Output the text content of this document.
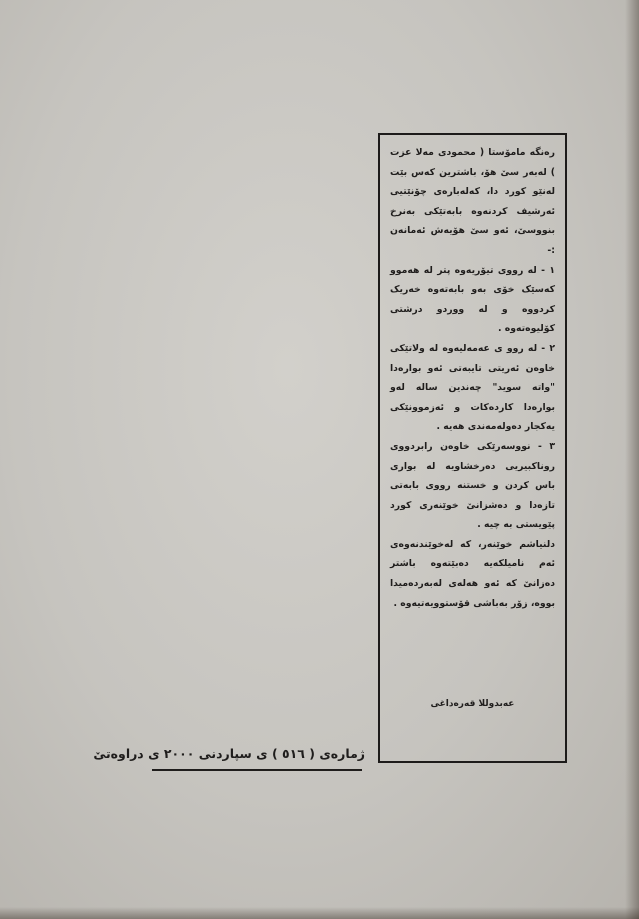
رەنگە مامۆستا ( محمودی مەلا عزت ) لەبەر سێ هۆ، باشترین کەس بێت لەنێو کورد دا، کەلەبارەی چۆنێتیی ئەرشیف کردنەوە بابەتێکی بەنرخ بنووسێ، ئەو سێ هۆیەش ئەمانەن :-
١ - لە رووی تیۆریەوە پتر لە هەموو کەسێک خۆی بەو بابەتەوە خەریک کردووە و لە ووردو درشتی کۆلیوەتەوە .
٢ - لە روو ی عەمەلیەوە لە ولاتێکی خاوەن ئەریتی تایبەتی ئەو بوارەدا "واتە سوید" چەندین سالە لەو بوارەدا کاردەکات و ئەزموونێکی یەکجار دەولەمەندی هەیە .
٣ - نووسەرێکی خاوەن رابردووی روناکبیریی دەرخشاویە لە بواری باس کردن و خستنە رووی بابەتی تازەدا و دەشزانێ خوێنەری کورد پێویستی بە چیە .
دلنیاشم خوێنەر، کە لەخوێندنەوەی ئەم نامیلکەیە دەبێتەوە باشتر دەزانێ کە ئەو هەلەی لەبەردەمیدا بووە، زۆر بەباشی قۆستوویەتیەوە .
عەبدوللا قەرەداغی
ژمارەی ( ٥١٦ ) ی سپاردنی ٢٠٠٠ ی دراوەتێ
